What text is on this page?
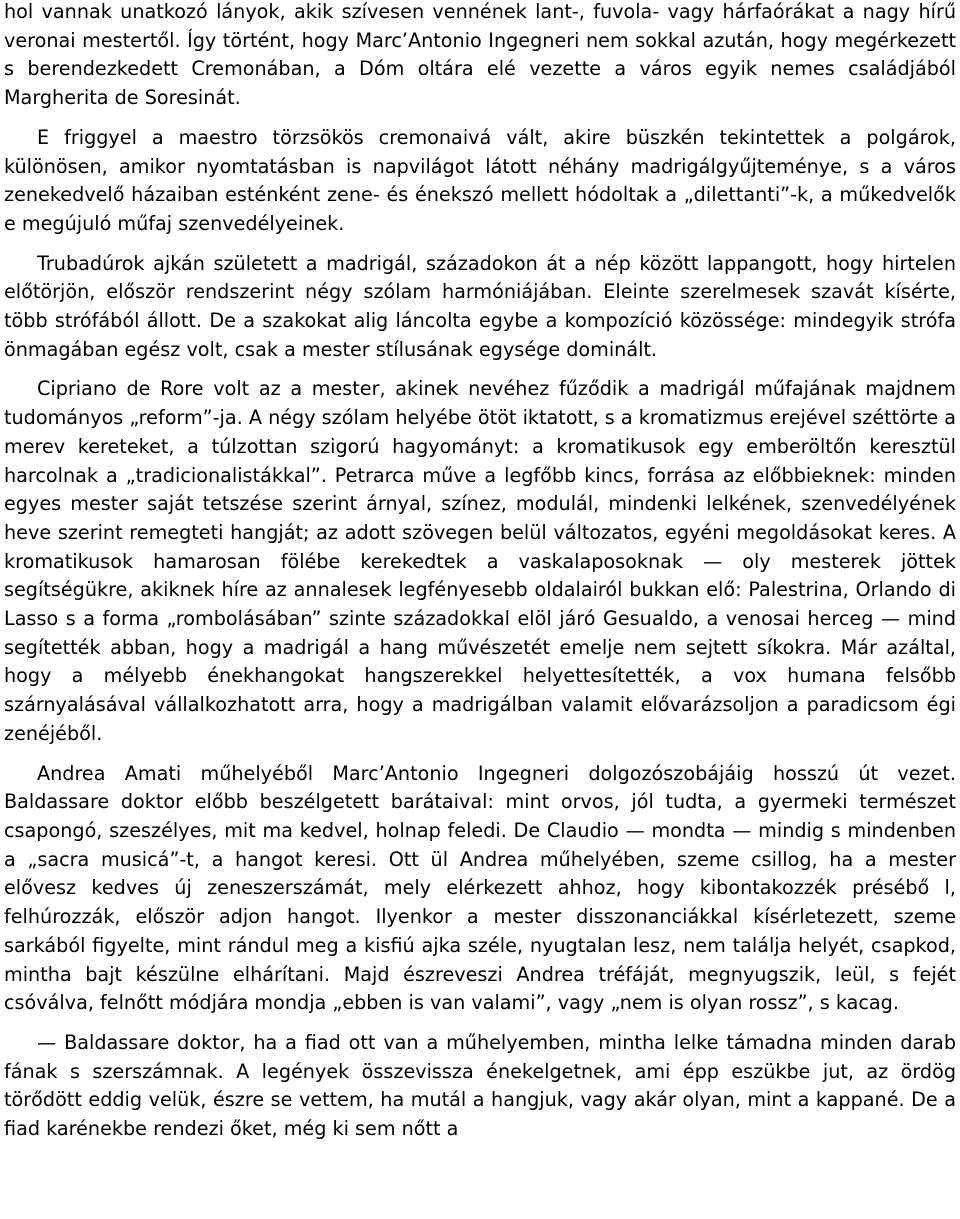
hol vannak unatkozó lányok, akik szívesen vennének lant-, fuvola- vagy hárfaórákat a nagy hírű veronai mestertől. Így történt, hogy Marc’Antonio Ingegneri nem sokkal azután, hogy megérkezett s berendezkedett Cremonában, a Dóm oltára elé vezette a város egyik nemes családjából Margherita de Soresinát.

E friggyel a maestro törzsökös cremonaivá vált, akire büszkén tekintettek a polgárok, különösen, amikor nyomtatásban is napvilágot látott néhány madrigálgyűjteménye, s a város zenekedvelő házaiban esténként zene- és énekszó mellett hódoltak a „dilettanti”-k, a műkedvelők e megújuló műfaj szenvedélyeinek.

Trubadúrok ajkán született a madrigál, századokon át a nép között lappangott, hogy hirtelen előtörjön, először rendszerint négy szólam harmóniájában. Eleinte szerelmesek szavát kísérte, több strófából állott. De a szakokat alig láncolta egybe a kompozíció közössége: mindegyik strófa önmagában egész volt, csak a mester stílusának egysége dominált.

Cipriano de Rore volt az a mester, akinek nevéhez fűződik a madrigál műfajának majdnem tudományos „reform”-ja. A négy szólam helyébe ötöt iktatott, s a kromatizmus erejével széttörte a merev kereteket, a túlzottan szigorú hagyományt: a kromatikusok egy emberöltőn keresztül harcolnak a „tradicionalistákkal”. Petrarca műve a legfőbb kincs, forrása az előbbieknek: minden egyes mester saját tetszése szerint árnyal, színez, modulál, mindenki lelkének, szenvedélyének heve szerint remegteti hangját; az adott szövegen belül változatos, egyéni megoldásokat keres. A kromatikusok hamarosan fölébe kerekedtek a vaskalaposoknak — oly mesterek jöttek segítségükre, akiknek híre az annalesek legfényesebb oldalairól bukkan elő: Palestrina, Orlando di Lasso s a forma „rombolásában” szinte századokkal elöl járó Gesualdo, a venosai herceg — mind segítették abban, hogy a madrigál a hang művészetét emelje nem sejtett síkokra. Már azáltal, hogy a mélyebb énekhangokat hangszerekkel helyettesítették, a vox humana felsőbb szárnyalásával vállalkozhatott arra, hogy a madrigálban valamit elővarázsoljon a paradicsom égi zenéjéből.

Andrea Amati műhelyéből Marc’Antonio Ingegneri dolgozószobájáig hosszú út vezet. Baldassare doktor előbb beszélgetett barátaival: mint orvos, jól tudta, a gyermeki természet csapongó, szeszélyes, mit ma kedvel, holnap feledi. De Claudio — mondta — mindig s mindenben a „sacra musicá”-t, a hangot keresi. Ott ül Andrea műhelyében, szeme csillog, ha a mester elővesz kedves új zeneszerszámát, mely elérkezett ahhoz, hogy kibontakozzék présébő l, felhúrozzák, először adjon hangot. Ilyenkor a mester disszonanciákkal kísérletezett, szeme sarkából figyelte, mint rándul meg a kisfiú ajka széle, nyugtalan lesz, nem találja helyét, csapkod, mintha bajt készülne elhárítani. Majd észreveszi Andrea tréfáját, megnyugszik, leül, s fejét csóválva, felnőtt módjára mondja „ebben is van valami”, vagy „nem is olyan rossz”, s kacag.

— Baldassare doktor, ha a fiad ott van a műhelyemben, mintha lelke támadna minden darab fának s szerszámnak. A legények összevissza énekelgetnek, ami épp eszükbe jut, az ördög törődött eddig velük, észre se vettem, ha mutál a hangjuk, vagy akár olyan, mint a kappané. De a fiad karénekbe rendezi őket, még ki sem nőtt a
